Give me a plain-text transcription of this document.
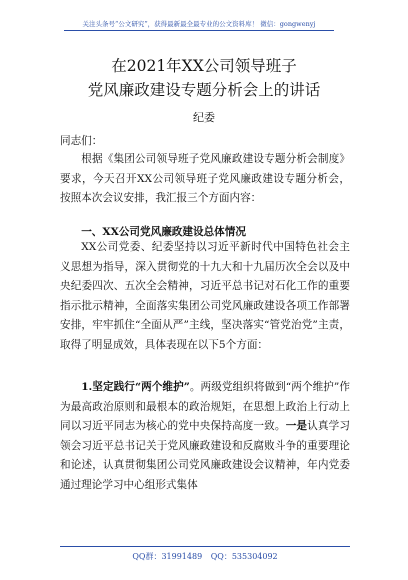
关注头条号“公文研究”，获得最新最全最专业的公文资料库！ 微信：gongwenyj
在2021年XX公司领导班子
党风廉政建设专题分析会上的讲话
纪委
同志们：

根据《集团公司领导班子党风廉政建设专题分析会制度》要求，今天召开XX公司领导班子党风廉政建设专题分析会，按照本次会议安排，我汇报三个方面内容：

一、XX公司党风廉政建设总体情况

XX公司党委、纪委坚持以习近平新时代中国特色社会主义思想为指导，深入贯彻党的十九大和十九届历次全会以及中央纪委四次、五次全会精神，习近平总书记对石化工作的重要指示批示精神，全面落实集团公司党风廉政建设各项工作部署安排，牢牢抓住“全面从严”主线，坚决落实“管党治党”主责，取得了明显成效，具体表现在以下5个方面：

1.坚定践行“两个维护”。两级党组织将做到“两个维护”作为最高政治原则和最根本的政治规矩，在思想上政治上行动上同以习近平同志为核心的党中央保持高度一致。一是认真学习领会习近平总书记关于党风廉政建设和反腐败斗争的重要理论和论述，认真贯彻集团公司党风廉政建设会议精神，年内党委通过理论学习中心组形式集体

QQ群：31991489 QQ：535304092
